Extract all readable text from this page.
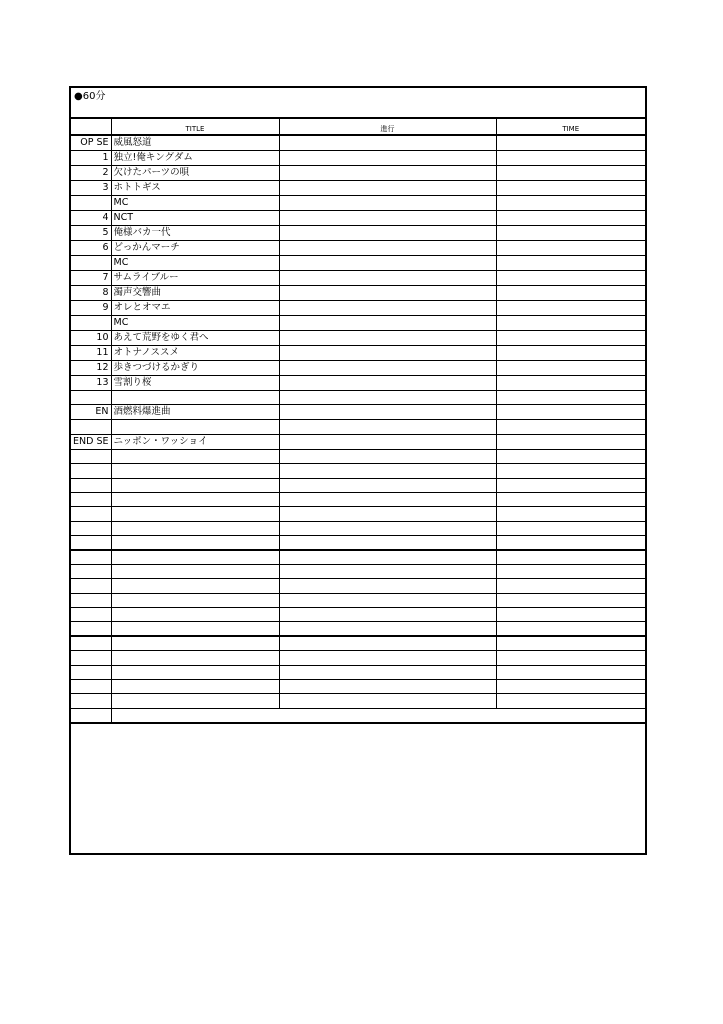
●60分
	TITLE	進行	TIME
OP SE	威風怒道		
1	独立!俺キングダム		
2	欠けたパーツの唄		
3	ホトトギス		
	MC		
4	NCT		
5	俺様バカ一代		
6	どっかんマーチ		
	MC		
7	サムライブルー		
8	濁声交響曲		
9	オレとオマエ		
	MC		
10	あえて荒野をゆく君へ		
11	オトナノススメ		
12	歩きつづけるかぎり		
13	雪割り桜		

EN	酒燃料爆進曲		

END SE	ニッポン・ワッショイ		
